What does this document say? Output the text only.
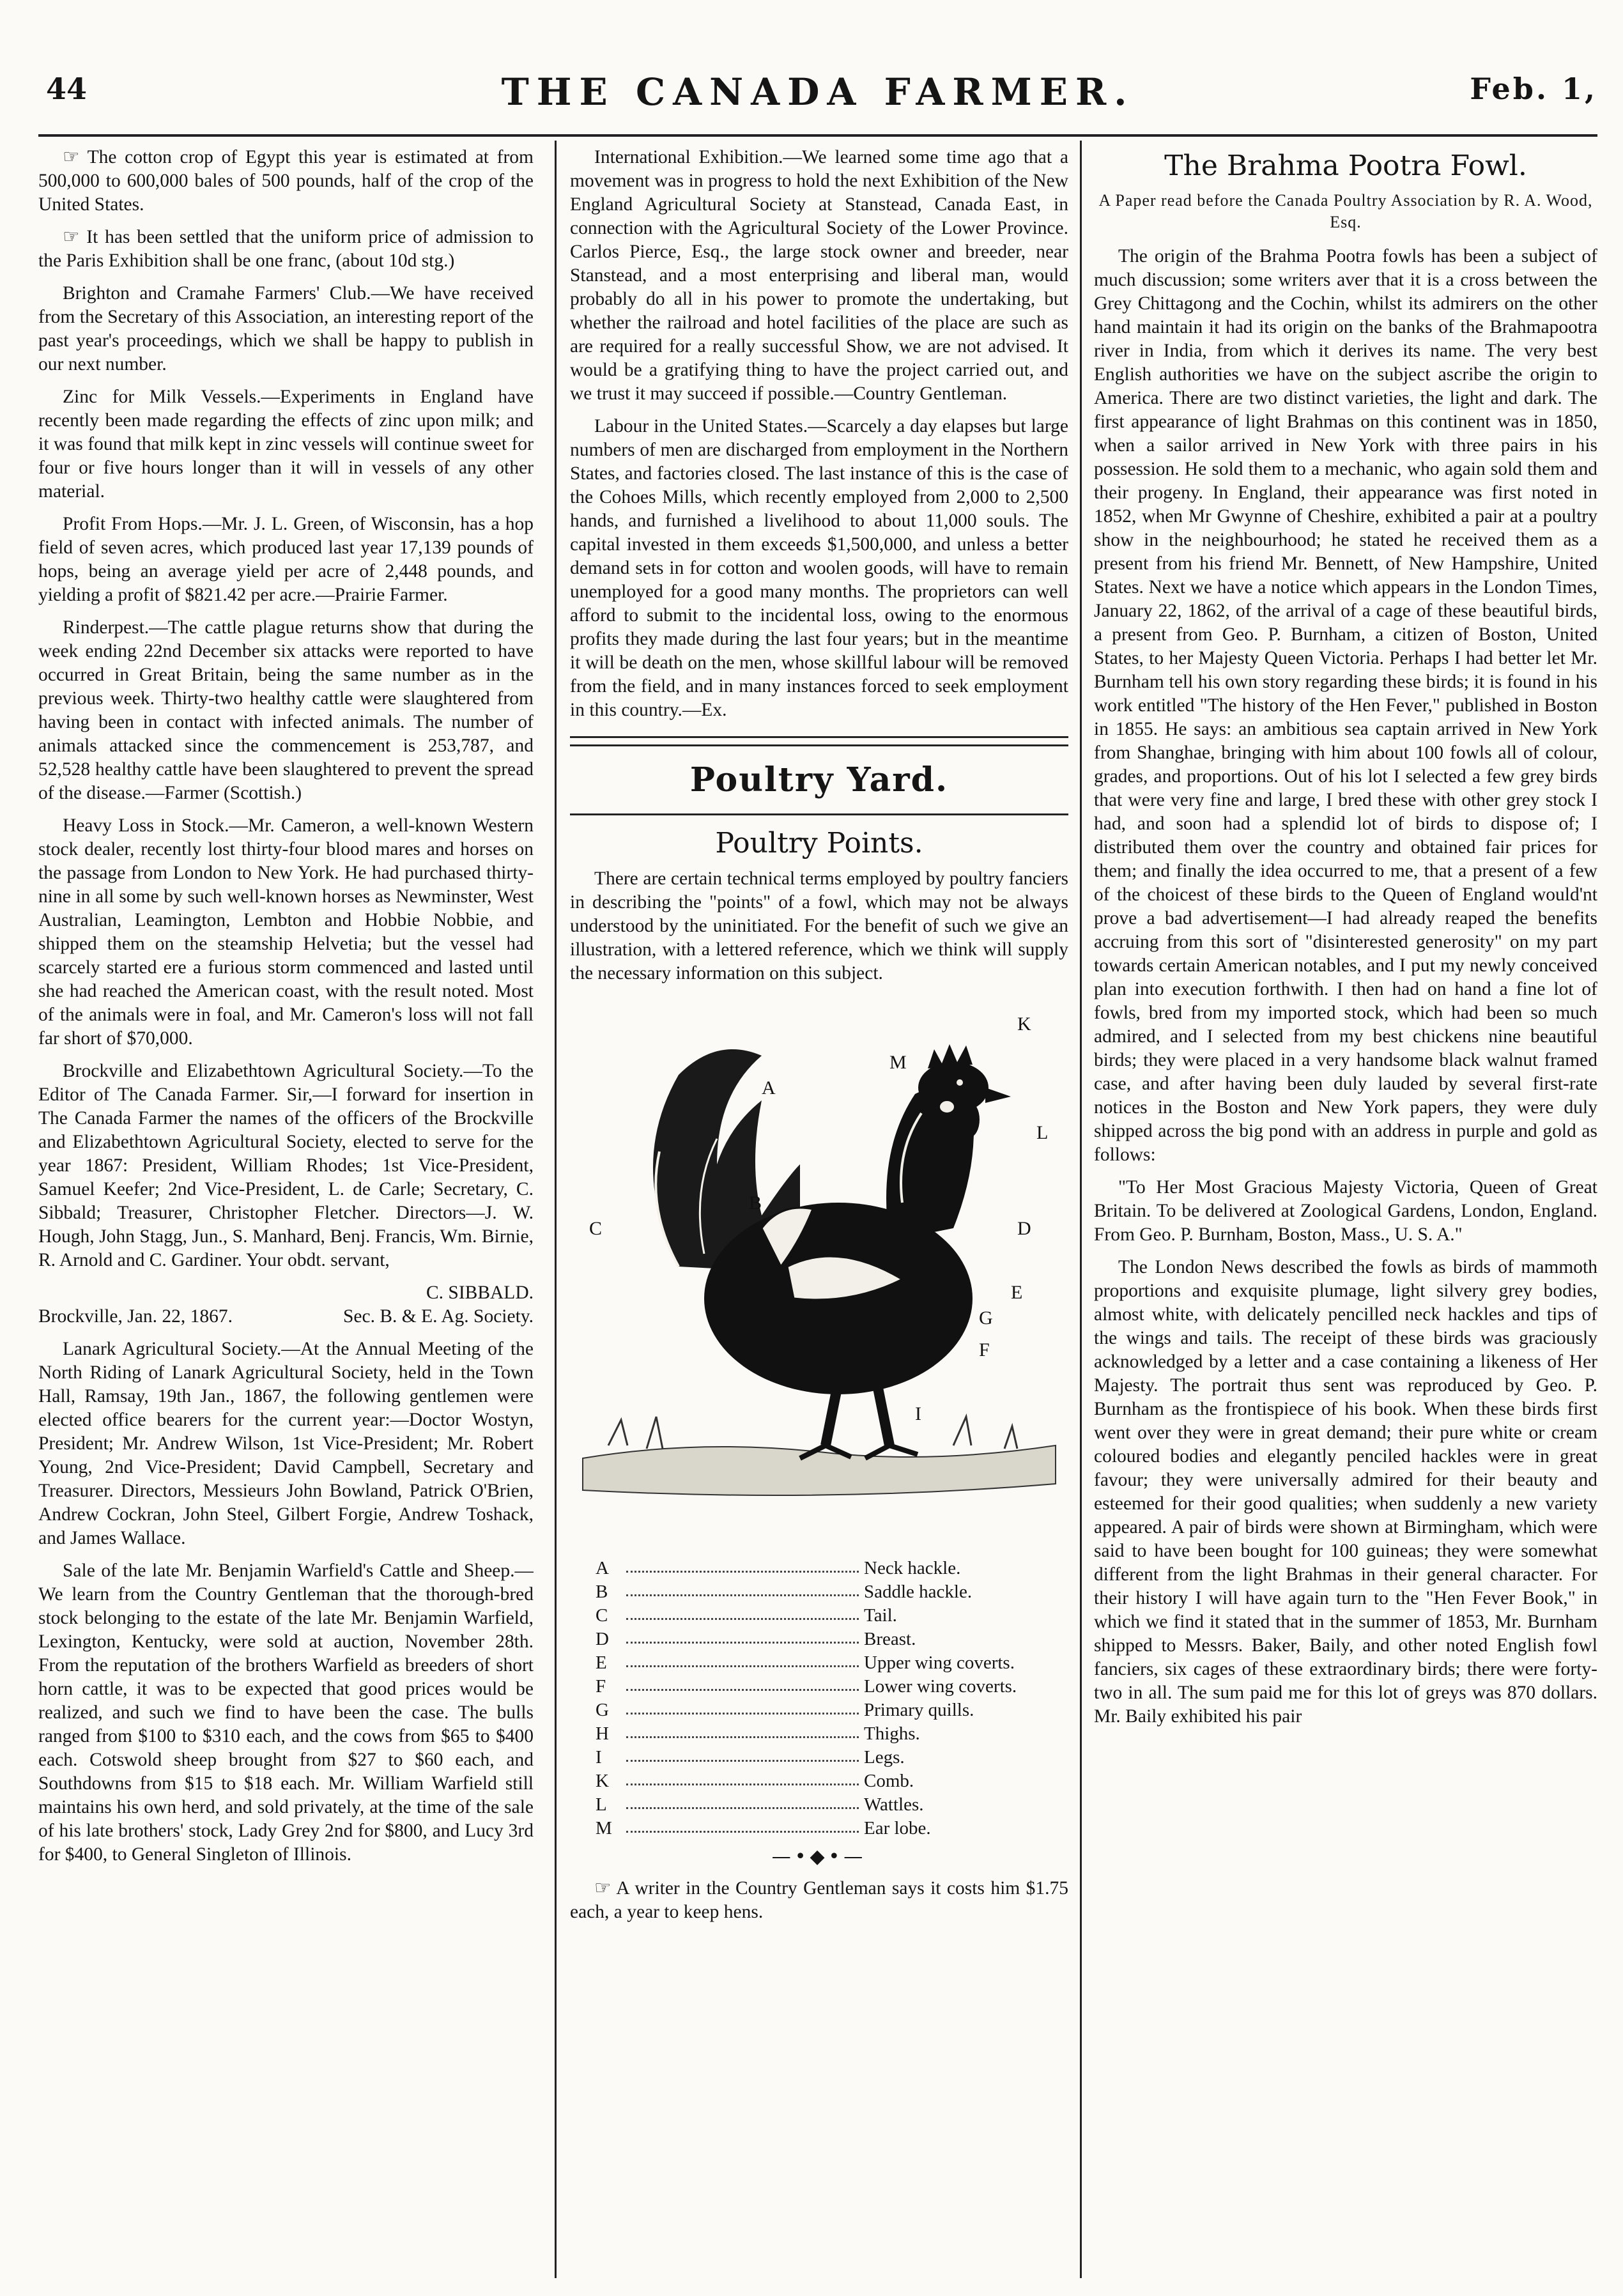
44	THE CANADA FARMER.	Feb. 1,

☞ The cotton crop of Egypt this year is estimated at from 500,000 to 600,000 bales of 500 pounds, half of the crop of the United States.

☞ It has been settled that the uniform price of admission to the Paris Exhibition shall be one franc, (about 10d stg.)

Brighton and Cramahe Farmers' Club.—We have received from the Secretary of this Association, an interesting report of the past year's proceedings, which we shall be happy to publish in our next number.

Zinc for Milk Vessels.—Experiments in England have recently been made regarding the effects of zinc upon milk; and it was found that milk kept in zinc vessels will continue sweet for four or five hours longer than it will in vessels of any other material.

Profit From Hops.—Mr. J. L. Green, of Wisconsin, has a hop field of seven acres, which produced last year 17,139 pounds of hops, being an average yield per acre of 2,448 pounds, and yielding a profit of $821.42 per acre.—Prairie Farmer.

Rinderpest.—The cattle plague returns show that during the week ending 22nd December six attacks were reported to have occurred in Great Britain, being the same number as in the previous week. Thirty-two healthy cattle were slaughtered from having been in contact with infected animals. The number of animals attacked since the commencement is 253,787, and 52,528 healthy cattle have been slaughtered to prevent the spread of the disease.—Farmer (Scottish.)

Heavy Loss in Stock.—Mr. Cameron, a well-known Western stock dealer, recently lost thirty-four blood mares and horses on the passage from London to New York. He had purchased thirty-nine in all some by such well-known horses as Newminster, West Australian, Leamington, Lembton and Hobbie Nobbie, and shipped them on the steamship Helvetia; but the vessel had scarcely started ere a furious storm commenced and lasted until she had reached the American coast, with the result noted. Most of the animals were in foal, and Mr. Cameron's loss will not fall far short of $70,000.

Brockville and Elizabethtown Agricultural Society.—To the Editor of The Canada Farmer. Sir,—I forward for insertion in The Canada Farmer the names of the officers of the Brockville and Elizabethtown Agricultural Society, elected to serve for the year 1867: President, William Rhodes; 1st Vice-President, Samuel Keefer; 2nd Vice-President, L. de Carle; Secretary, C. Sibbald; Treasurer, Christopher Fletcher. Directors—J. W. Hough, John Stagg, Jun., S. Manhard, Benj. Francis, Wm. Birnie, R. Arnold and C. Gardiner. Your obdt. servant,

C. SIBBALD.

Brockville, Jan. 22, 1867.	Sec. B. & E. Ag. Society.

Lanark Agricultural Society.—At the Annual Meeting of the North Riding of Lanark Agricultural Society, held in the Town Hall, Ramsay, 19th Jan., 1867, the following gentlemen were elected office bearers for the current year:—Doctor Wostyn, President; Mr. Andrew Wilson, 1st Vice-President; Mr. Robert Young, 2nd Vice-President; David Campbell, Secretary and Treasurer. Directors, Messieurs John Bowland, Patrick O'Brien, Andrew Cockran, John Steel, Gilbert Forgie, Andrew Toshack, and James Wallace.

Sale of the late Mr. Benjamin Warfield's Cattle and Sheep.—We learn from the Country Gentleman that the thorough-bred stock belonging to the estate of the late Mr. Benjamin Warfield, Lexington, Kentucky, were sold at auction, November 28th. From the reputation of the brothers Warfield as breeders of short horn cattle, it was to be expected that good prices would be realized, and such we find to have been the case. The bulls ranged from $100 to $310 each, and the cows from $65 to $400 each. Cotswold sheep brought from $27 to $60 each, and Southdowns from $15 to $18 each. Mr. William Warfield still maintains his own herd, and sold privately, at the time of the sale of his late brothers' stock, Lady Grey 2nd for $800, and Lucy 3rd for $400, to General Singleton of Illinois.

International Exhibition.—We learned some time ago that a movement was in progress to hold the next Exhibition of the New England Agricultural Society at Stanstead, Canada East, in connection with the Agricultural Society of the Lower Province. Carlos Pierce, Esq., the large stock owner and breeder, near Stanstead, and a most enterprising and liberal man, would probably do all in his power to promote the undertaking, but whether the railroad and hotel facilities of the place are such as are required for a really successful Show, we are not advised. It would be a gratifying thing to have the project carried out, and we trust it may succeed if possible.—Country Gentleman.

Labour in the United States.—Scarcely a day elapses but large numbers of men are discharged from employment in the Northern States, and factories closed. The last instance of this is the case of the Cohoes Mills, which recently employed from 2,000 to 2,500 hands, and furnished a livelihood to about 11,000 souls. The capital invested in them exceeds $1,500,000, and unless a better demand sets in for cotton and woolen goods, will have to remain unemployed for a good many months. The proprietors can well afford to submit to the incidental loss, owing to the enormous profits they made during the last four years; but in the meantime it will be death on the men, whose skillful labour will be removed from the field, and in many instances forced to seek employment in this country.—Ex.

Poultry Yard.
Poultry Points.

There are certain technical terms employed by poultry fanciers in describing the "points" of a fowl, which may not be always understood by the uninitiated. For the benefit of such we give an illustration, with a lettered reference, which we think will supply the necessary information on this subject.

A
B
C	D
E
F
G
H
I
K
L
M
A	Neck hackle.
B	Saddle hackle.
C	Tail.
D	Breast.
E	Upper wing coverts.
F	Lower wing coverts.
G	Primary quills.
H	Thighs.
I	Legs.
K	Comb.
L	Wattles.
M	Ear lobe.
—•◆•—

☞ A writer in the Country Gentleman says it costs him $1.75 each, a year to keep hens.

The Brahma Pootra Fowl.
A Paper read before the Canada Poultry Association by R. A. Wood, Esq.

The origin of the Brahma Pootra fowls has been a subject of much discussion; some writers aver that it is a cross between the Grey Chittagong and the Cochin, whilst its admirers on the other hand maintain it had its origin on the banks of the Brahmapootra river in India, from which it derives its name. The very best English authorities we have on the subject ascribe the origin to America. There are two distinct varieties, the light and dark. The first appearance of light Brahmas on this continent was in 1850, when a sailor arrived in New York with three pairs in his possession. He sold them to a mechanic, who again sold them and their progeny. In England, their appearance was first noted in 1852, when Mr Gwynne of Cheshire, exhibited a pair at a poultry show in the neighbourhood; he stated he received them as a present from his friend Mr. Bennett, of New Hampshire, United States. Next we have a notice which appears in the London Times, January 22, 1862, of the arrival of a cage of these beautiful birds, a present from Geo. P. Burnham, a citizen of Boston, United States, to her Majesty Queen Victoria. Perhaps I had better let Mr. Burnham tell his own story regarding these birds; it is found in his work entitled "The history of the Hen Fever," published in Boston in 1855. He says: an ambitious sea captain arrived in New York from Shanghae, bringing with him about 100 fowls all of colour, grades, and proportions. Out of his lot I selected a few grey birds that were very fine and large, I bred these with other grey stock I had, and soon had a splendid lot of birds to dispose of; I distributed them over the country and obtained fair prices for them; and finally the idea occurred to me, that a present of a few of the choicest of these birds to the Queen of England would'nt prove a bad advertisement—I had already reaped the benefits accruing from this sort of "disinterested generosity" on my part towards certain American notables, and I put my newly conceived plan into execution forthwith. I then had on hand a fine lot of fowls, bred from my imported stock, which had been so much admired, and I selected from my best chickens nine beautiful birds; they were placed in a very handsome black walnut framed case, and after having been duly lauded by several first-rate notices in the Boston and New York papers, they were duly shipped across the big pond with an address in purple and gold as follows:

"To Her Most Gracious Majesty Victoria, Queen of Great Britain. To be delivered at Zoological Gardens, London, England. From Geo. P. Burnham, Boston, Mass., U. S. A."

The London News described the fowls as birds of mammoth proportions and exquisite plumage, light silvery grey bodies, almost white, with delicately pencilled neck hackles and tips of the wings and tails. The receipt of these birds was graciously acknowledged by a letter and a case containing a likeness of Her Majesty. The portrait thus sent was reproduced by Geo. P. Burnham as the frontispiece of his book. When these birds first went over they were in great demand; their pure white or cream coloured bodies and elegantly penciled hackles were in great favour; they were universally admired for their beauty and esteemed for their good qualities; when suddenly a new variety appeared. A pair of birds were shown at Birmingham, which were said to have been bought for 100 guineas; they were somewhat different from the light Brahmas in their general character. For their history I will have again turn to the "Hen Fever Book," in which we find it stated that in the summer of 1853, Mr. Burnham shipped to Messrs. Baker, Baily, and other noted English fowl fanciers, six cages of these extraordinary birds; there were forty-two in all. The sum paid me for this lot of greys was 870 dollars. Mr. Baily exhibited his pair
